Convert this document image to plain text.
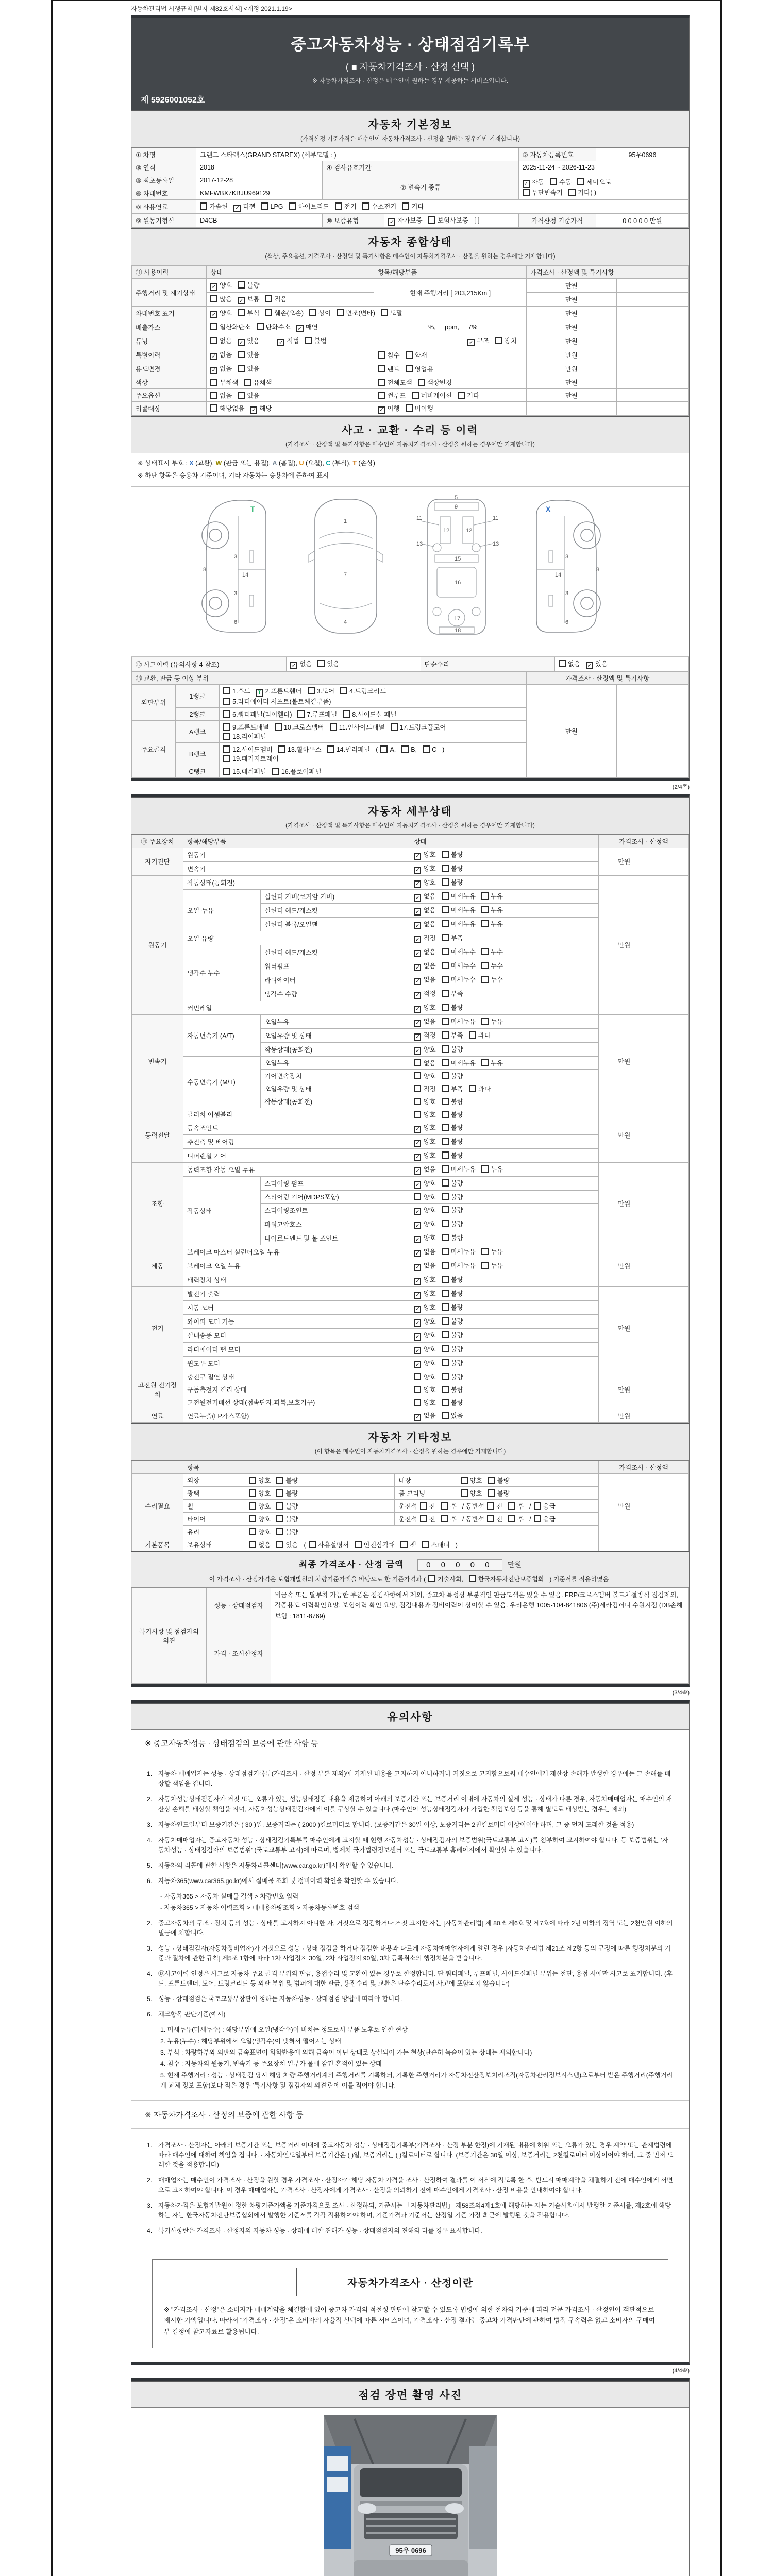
자동차관리법 시행규칙 [별지 제82호서식] <개정 2021.1.19>
중고자동차성능 · 상태점검기록부
( ■ 자동차가격조사 · 산정 선택 )
※ 자동차가격조사 · 산정은 매수인이 원하는 경우 제공하는 서비스입니다.
제 5926001052호
자동차 기본정보
(가격산정 기준가격은 매수인이 자동차가격조사 · 산정을 원하는 경우에만 기재합니다)
① 차명	그랜드 스타렉스(GRAND STAREX) (세부모델 : )			② 자동차등록번호	95우0696
③ 연식	2018	④ 검사유효기간		2025-11-24 ~ 2026-11-23	
⑤ 최초등록일	2017-12-28	⑦ 변속기 종류		✓ 자동 수동 세미오토
무단변속기 기타( )	
⑥ 차대번호	KMFWBX7KBJU969129				
⑧ 사용연료	가솔린 ✓ 디젤 LPG 하이브리드 전기 수소전기 기타				
⑨ 원동기형식	D4CB	⑩ 보증유형	✓ 자가보증 보험사보증 [ ]	가격산정 기준가격	0 0 0 0 0 만원
자동차 종합상태
(색상, 주요옵션, 가격조사 · 산정액 및 특기사항은 매수인이 자동차가격조사 · 산정을 원하는 경우에만 기재합니다)
⑪ 사용이력	상태	항목/해당부품	가격조사 · 산정액 및 특기사항	
주행거리 및 계기상태	✓ 양호 불량	현재 주행거리 [ 203,215Km ]	만원	
	많음 ✓ 보통 적음		만원	
차대번호 표기	✓ 양호 부식 훼손(오손) 상이 변조(변타) 도말		만원	
배출가스	일산화탄소 탄화수소 ✓ 매연	%,     ppm,     7%	만원	
튜닝	없음 ✓ 있음 ✓ 적법 불법	✓ 구조 장치	만원	
특별이력	✓ 없음 있음	침수 화재	만원	
용도변경	✓ 없음 있음	렌트 영업용	만원	
색상	무채색 유채색	전체도색 색상변경	만원	
주요옵션	없음 있음	썬루프 네비게이션 기타	만원	
리콜대상	해당없음 ✓ 해당	✓ 이행 미이행		
사고 · 교환 · 수리 등 이력
(가격조사 · 산정액 및 특기사항은 매수인이 자동차가격조사 · 산정을 원하는 경우에만 기재합니다)
※ 상태표시 부호 : X (교환), W (판금 또는 용접), A (흠집), U (요철), C (부식), T (손상)
※ 하단 항목은 승용차 기준이며, 기타 자동차는 승용차에 준하여 표시
3
8
14
3
6
T
1
7
4
9
11	11
12	12
13	13
15
16
17
18
5
8
3
14
3
6
X
⑫ 사고이력 (유의사항 4 참조)	✓ 없음 있음	단순수리	없음 ✓ 있음
⑬ 교환, 판금 등 이상 부위			가격조사 · 산정액 및 특기사항	
외판부위	1랭크	1.후드 T 2.프론트휀더 3.도어 4.트렁크리드
5.라디에이터 서포트(볼트체결부품)	만원	
	2랭크	6.쿼터패널(리어휀다) 7.루프패널 8.사이드실 패널		
주요골격	A랭크	9.프론트패널 10.크로스멤버 11.인사이드패널 17.트렁크플로어
18.리어패널		
	B랭크	12.사이드멤버 13.휠하우스 14.필러패널 ( A, B, C )
19.패키지트레이		
	C랭크	15.대쉬패널 16.플로어패널		
(2/4쪽)
자동차 세부상태
(가격조사 · 산정액 및 특기사항은 매수인이 자동차가격조사 · 산정을 원하는 경우에만 기재합니다)
⑭ 주요장치	항목/해당부품		상태	가격조사 · 산정액	
자기진단	원동기		✓ 양호 불량	만원	
	변속기		✓ 양호 불량		
원동기	작동상태(공회전)		✓ 양호 불량	만원	
	오일 누유	실린더 커버(로커암 커버)	✓ 없음 미세누유 누유		
		실린더 헤드/개스킷	✓ 없음 미세누유 누유		
		실린더 블록/오일팬	✓ 없음 미세누유 누유		
	오일 유량		✓ 적정 부족		
	냉각수 누수	실린더 헤드/개스킷	✓ 없음 미세누수 누수		
		워터펌프	✓ 없음 미세누수 누수		
		라디에이터	✓ 없음 미세누수 누수		
		냉각수 수량	✓ 적정 부족		
	커먼레일		✓ 양호 불량		
변속기	자동변속기 (A/T)	오일누유	✓ 없음 미세누유 누유	만원	
		오일유량 및 상태	✓ 적정 부족 과다		
		작동상태(공회전)	✓ 양호 불량		
	수동변속기 (M/T)	오일누유	없음 미세누유 누유		
		기어변속장치	양호 불량		
		오일유량 및 상태	적정 부족 과다		
		작동상태(공회전)	양호 불량		
동력전달	클러치 어셈블리		양호 불량	만원	
	등속조인트		✓ 양호 불량		
	추진축 및 베어링		✓ 양호 불량		
	디퍼렌셜 기어		✓ 양호 불량		
조향	동력조향 작동 오일 누유		✓ 없음 미세누유 누유	만원	
	작동상태	스티어링 펌프	✓ 양호 불량		
		스티어링 기어(MDPS포함)	양호 불량		
		스티어링조인트	✓ 양호 불량		
		파워고압호스	✓ 양호 불량		
		타이로드엔드 및 볼 조인트	✓ 양호 불량		
제동	브레이크 마스터 실린더오일 누유		✓ 없음 미세누유 누유	만원	
	브레이크 오일 누유		✓ 없음 미세누유 누유		
	배력장치 상태		✓ 양호 불량		
전기	발전기 출력		✓ 양호 불량	만원	
	시동 모터		✓ 양호 불량		
	와이퍼 모터 기능		✓ 양호 불량		
	실내송풍 모터		✓ 양호 불량		
	라디에이터 팬 모터		✓ 양호 불량		
	윈도우 모터		✓ 양호 불량		
고전원 전기장치	충전구 절연 상태		양호 불량	만원	
	구동축전지 격리 상태		양호 불량		
	고전원전기배선 상태(접속단자,피복,보호기구)		양호 불량		
연료	연료누출(LP가스포함)		✓ 없음 있음	만원	
자동차 기타정보
(이 항목은 매수인이 자동차가격조사 · 산정을 원하는 경우에만 기재합니다)
	항목				가격조사 · 산정액	
수리필요	외장	양호 불량	내장	양호 불량	만원	
	광택	양호 불량	룸 크리닝	양호 불량		
	휠	양호 불량	운전석 전 후 / 동반석 전 후 / 응급			
	타이어	양호 불량	운전석 전 후 / 동반석 전 후 / 응급			
	유리	양호 불량				
기본품목	보유상태	없음 있음 ( 사용설명서 안전삼각대 잭 스패너 )				
최종 가격조사 · 산정 금액	0 0 0 0 0 만원
이 가격조사 · 산정가격은 보험개발원의 차량기준가액을 바탕으로 한 기준가격과 ( 기술사회, 한국자동차진단보증협회 ) 기준서를 적용하였음
특기사항 및 점검자의 의견	성능 · 상태점검자	비금속 또는 탈부착 가능한 부품은 점검사항에서 제외, 중고차 특성상 부분적인 판금도색은 있을 수 있음. FRP/크로스멤버 볼트체결방식 점검제외, 각종용도 이력확인요망, 보험이력 확인 요망, 점검내용과 정비이력이 상이할 수 있음. 우리은행 1005-104-841806 (주)세라컴퍼니 수원지점 (DB손해보험 : 1811-8769)
	가격 · 조사산정자	
(3/4쪽)
유의사항
※ 중고자동차성능 · 상태점검의 보증에 관한 사항 등
1. 자동차 매매업자는 성능 · 상태점검기록부(가격조사 · 산정 부분 제외)에 기재된 내용을 고지하지 아니하거나 거짓으로 고지함으로써 매수인에게 재산상 손해가 발생한 경우에는 그 손해를 배상할 책임을 집니다.
2. 자동차성능상태점검자가 거짓 또는 오류가 있는 성능상태점검 내용을 제공하여 아래의 보증기간 또는 보증거리 이내에 자동차의 실제 성능 · 상태가 다른 경우, 자동차매매업자는 매수인의 재산상 손해를 배상할 책임을 지며, 자동차성능상태점검자에게 이를 구상할 수 있습니다.(매수인이 성능상태점검자가 가입한 책임보험 등을 통해 별도로 배상받는 경우는 제외)
3. 자동차인도일부터 보증기간은 ( 30 )일, 보증거리는 ( 2000 )킬로미터로 합니다. (보증기간은 30일 이상, 보증거리는 2천킬로미터 이상이어야 하며, 그 중 먼저 도래한 것을 적용)
4. 자동차매매업자는 중고자동차 성능 · 상태점검기록부를 매수인에게 고지할 때 현행 자동차성능 · 상태점검자의 보증범위(국토교통부 고시)를 첨부하여 고지하여야 합니다. 동 보증범위는 '자동차성능 · 상태점검자의 보증범위' (국토교통부 고시)에 따르며, 법제처 국가법령정보센터 또는 국토교통부 홈페이지에서 확인할 수 있습니다.
5. 자동차의 리콜에 관한 사항은 자동차리콜센터(www.car.go.kr)에서 확인할 수 있습니다.
6. 자동차365(www.car365.go.kr)에서 실매물 조회 및 정비이력 확인을 확인할 수 있습니다.
- 자동차365 > 자동차 실매물 검색 > 차량번호 입력
- 자동차365 > 자동차 이력조회 > 매매용차량조회 > 자동차등록번호 검색
2. 중고자동차의 구조 · 장치 등의 성능 · 상태를 고지하지 아니한 자, 거짓으로 점검하거나 거짓 고지한 자는 [자동차관리법] 제 80조 제6호 및 제7호에 따라 2년 이하의 징역 또는 2천만원 이하의 벌금에 처합니다.
3. 성능 · 상태점검자(자동차정비업자)가 거짓으로 성능 · 상태 점검을 하거나 점검한 내용과 다르게 자동차매매업자에게 알린 경우 [자동차관리법 제21조 제2항 등의 규정에 따른 행정처분의 기준과 절차에 관한 규칙] 제5조 1항에 따라 1차 사업정지 30일, 2차 사업정지 90일, 3차 등록취소의 행정처분을 받습니다.
4. ⑫사고이력 인정은 사고로 자동차 주요 골격 부위의 판금, 용접수리 및 교환이 있는 경우로 한정합니다. 단 쿼터패널, 루프패널, 사이드실패널 부위는 절단, 용접 시에만 사고로 표기합니다. (후드, 프론트펜더, 도어, 트렁크리드 등 외판 부위 및 범퍼에 대한 판금, 용접수리 및 교환은 단순수리로서 사고에 포함되지 않습니다)
5. 성능 · 상태점검은 국토교통부장관이 정하는 자동차성능 · 상태점검 방법에 따라야 합니다.
6. 체크항목 판단기준(예시)
1. 미세누유(미세누수) : 해당부위에 오일(냉각수)이 비치는 정도로서 부품 노후로 인한 현상
2. 누유(누수) : 해당부위에서 오일(냉각수)이 맺혀서 떨어지는 상태
3. 부식 : 차량하부와 외판의 금속표면이 화학반응에 의해 금속이 아닌 상태로 상실되어 가는 현상(단순히 녹슬어 있는 상태는 제외합니다)
4. 침수 : 자동차의 원동기, 변속기 등 주요장치 일부가 물에 잠긴 흔적이 있는 상태
5. 현재 주행거리 : 성능 · 상태점검 당시 해당 차량 주행거리계의 주행거리를 기록하되, 기록한 주행거리가 자동차전산정보처리조직(자동차관리정보시스템)으로부터 받은 주행거리(주행거리계 교체 정보 포함)보다 적은 경우 '특기사항 및 점검자의 의견'란에 이를 적어야 합니다.
※ 자동차가격조사 · 산정의 보증에 관한 사항 등
1. 가격조사 · 산정자는 아래의 보증기간 또는 보증거리 이내에 중고자동차 성능 · 상태점검기록부(가격조사 · 산정 부분 한정)에 기재된 내용에 허위 또는 오류가 있는 경우 계약 또는 관계법령에 따라 매수인에 대하여 책임을 집니다. · 자동차인도일부터 보증기간은 ( )일, 보증거리는 ( )킬로미터로 합니다. (보증기간은 30일 이상, 보증거리는 2천킬로미터 이상이어야 하며, 그 중 먼저 도래한 것을 적용합니다)
2. 매매업자는 매수인이 가격조사 · 산정을 원할 경우 가격조사 · 산정자가 해당 자동차 가격을 조사 · 산정하여 결과를 이 서식에 적도록 한 후, 반드시 매매계약을 체결하기 전에 매수인에게 서면으로 고지하여야 합니다. 이 경우 매매업자는 가격조사 · 산정자에게 가격조사 · 산정을 의뢰하기 전에 매수인에게 가격조사 · 산정 비용을 안내하여야 합니다.
3. 자동차가격은 보험개발원이 정한 차량기준가액을 기준가격으로 조사 · 산정하되, 기준서는 「자동차관리법」 제58조의4제1호에 해당하는 자는 기술사회에서 발행한 기준서를, 제2호에 해당하는 자는 한국자동차진단보증협회에서 발행한 기준서를 각각 적용하여야 하며, 기준가격과 기준서는 산정일 기준 가장 최근에 발행된 것을 적용합니다.
4. 특기사항란은 가격조사 · 산정자의 자동차 성능 · 상태에 대한 견해가 성능 · 상태점검자의 견해와 다를 경우 표시합니다.
자동차가격조사 · 산정이란
※ "가격조사 · 산정"은 소비자가 매매계약을 체결함에 있어 중고차 가격의 적절성 판단에 참고할 수 있도록 법령에 의한 절차와 기준에 따라 전문 가격조사 · 산정인이 객관적으로 제시한 가액입니다. 따라서 "가격조사 · 산정"은 소비자의 자율적 선택에 따른 서비스이며, 가격조사 · 산정 결과는 중고차 가격판단에 관하여 법적 구속력은 없고 소비자의 구매여부 결정에 참고자료로 활용됩니다.
(4/4쪽)
점검 장면 촬영 사진
95우 0696
